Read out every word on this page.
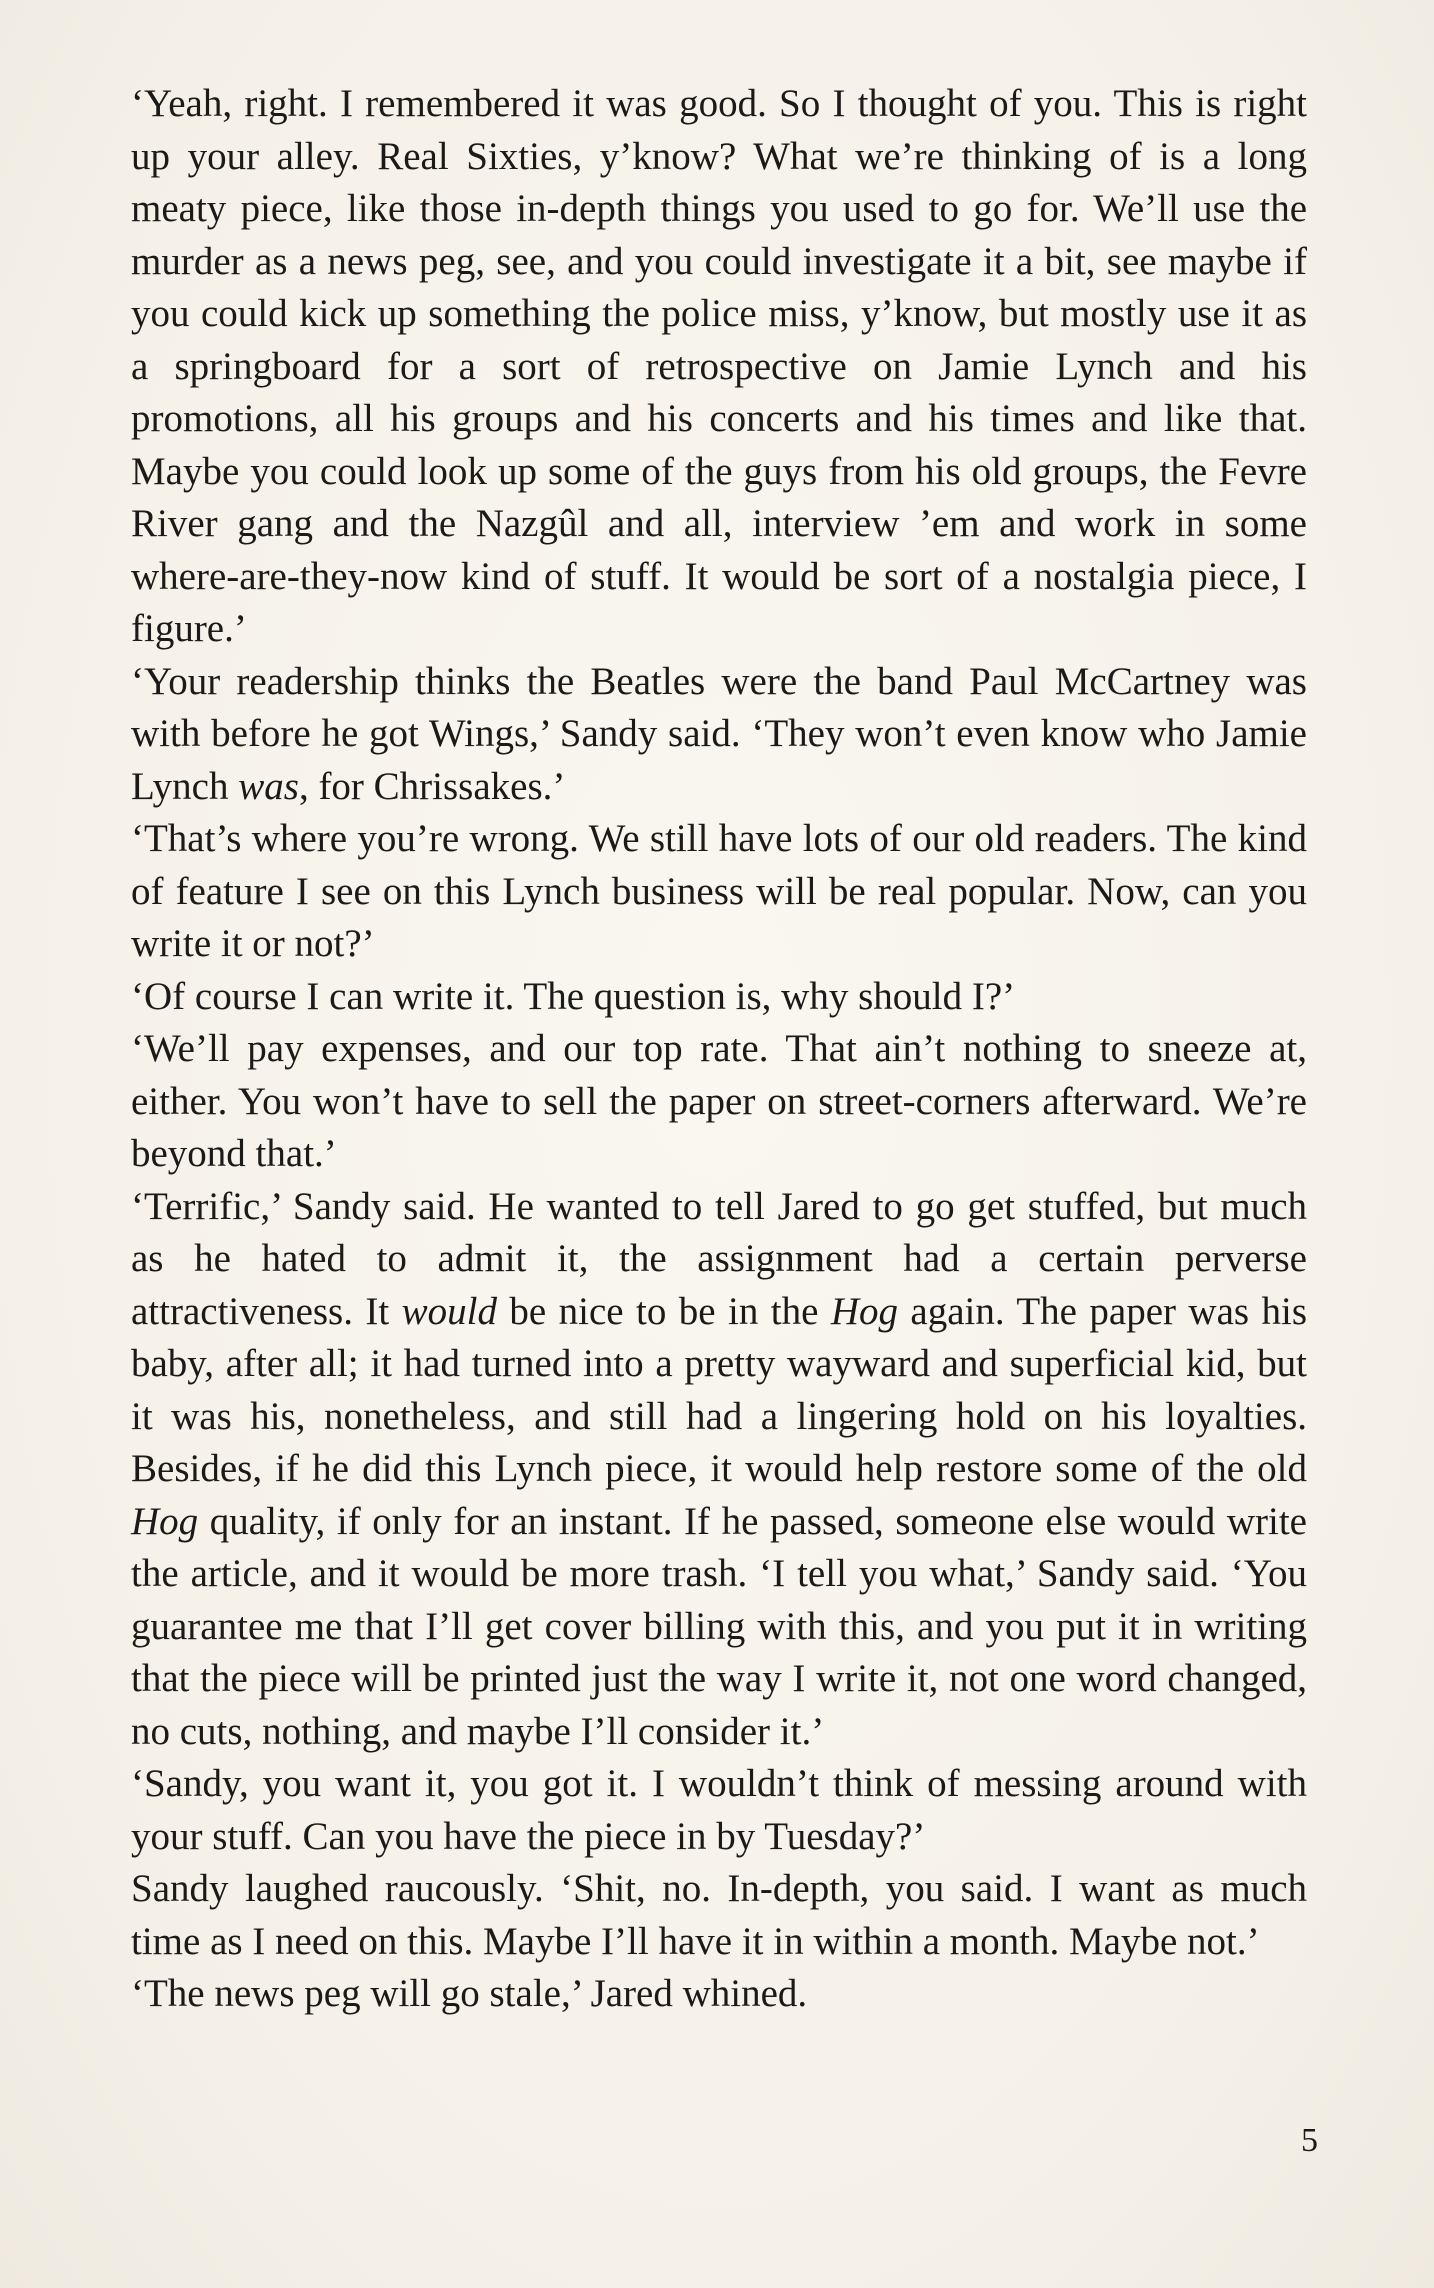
‘Yeah, right. I remembered it was good. So I thought of you. This is right up your alley. Real Sixties, y’know? What we’re thinking of is a long meaty piece, like those in-depth things you used to go for. We’ll use the murder as a news peg, see, and you could investigate it a bit, see maybe if you could kick up something the police miss, y’know, but mostly use it as a springboard for a sort of retrospective on Jamie Lynch and his promotions, all his groups and his concerts and his times and like that. Maybe you could look up some of the guys from his old groups, the Fevre River gang and the Nazgûl and all, interview ’em and work in some where-are-they-now kind of stuff. It would be sort of a nostalgia piece, I figure.’

‘Your readership thinks the Beatles were the band Paul McCartney was with before he got Wings,’ Sandy said. ‘They won’t even know who Jamie Lynch was, for Chrissakes.’

‘That’s where you’re wrong. We still have lots of our old readers. The kind of feature I see on this Lynch business will be real popular. Now, can you write it or not?’

‘Of course I can write it. The question is, why should I?’

‘We’ll pay expenses, and our top rate. That ain’t nothing to sneeze at, either. You won’t have to sell the paper on street-corners afterward. We’re beyond that.’

‘Terrific,’ Sandy said. He wanted to tell Jared to go get stuffed, but much as he hated to admit it, the assignment had a certain perverse attractiveness. It would be nice to be in the Hog again. The paper was his baby, after all; it had turned into a pretty wayward and superficial kid, but it was his, nonetheless, and still had a lingering hold on his loyalties. Besides, if he did this Lynch piece, it would help restore some of the old Hog quality, if only for an instant. If he passed, someone else would write the article, and it would be more trash. ‘I tell you what,’ Sandy said. ‘You guarantee me that I’ll get cover billing with this, and you put it in writing that the piece will be printed just the way I write it, not one word changed, no cuts, nothing, and maybe I’ll consider it.’

‘Sandy, you want it, you got it. I wouldn’t think of messing around with your stuff. Can you have the piece in by Tuesday?’

Sandy laughed raucously. ‘Shit, no. In-depth, you said. I want as much time as I need on this. Maybe I’ll have it in within a month. Maybe not.’

‘The news peg will go stale,’ Jared whined.

5
